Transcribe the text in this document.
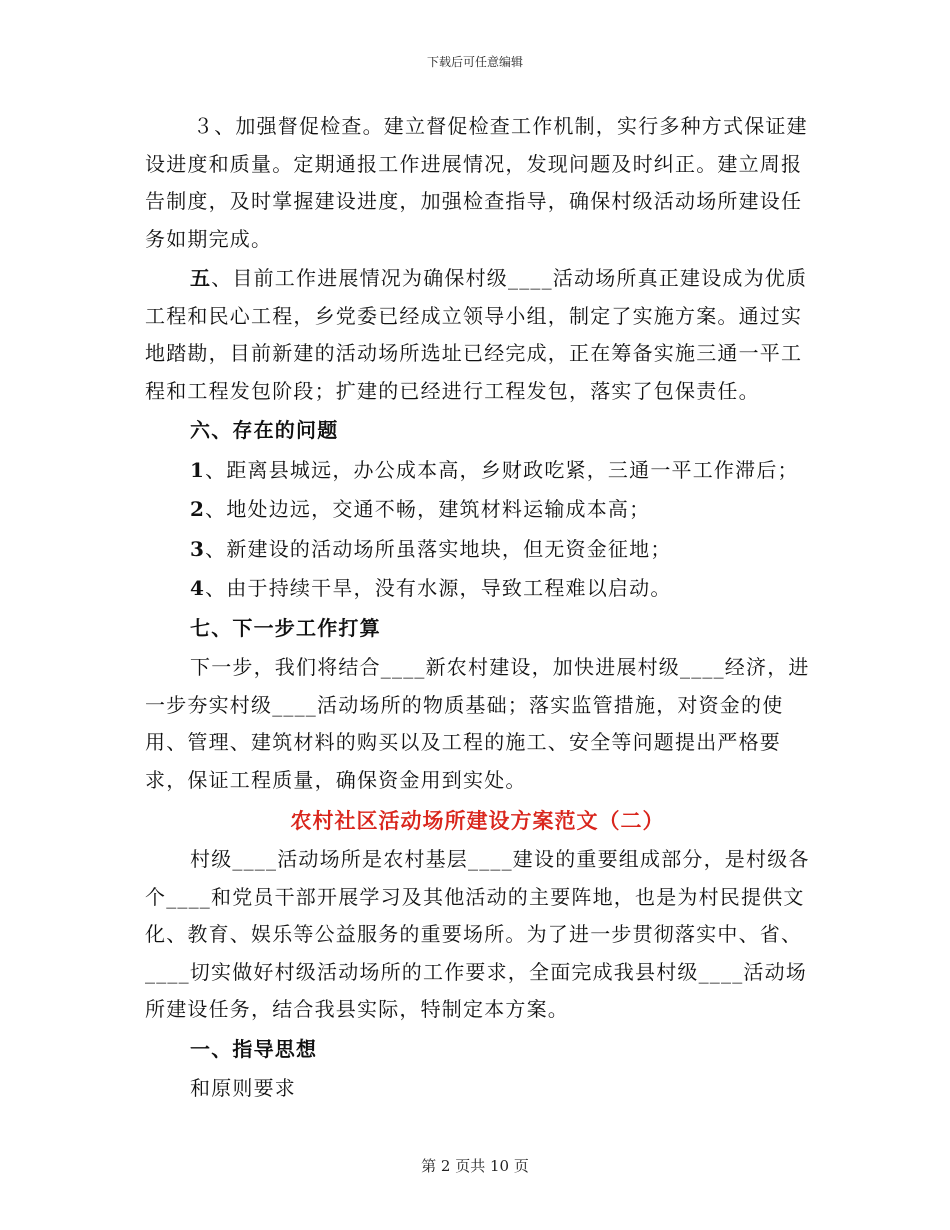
下载后可任意编辑

３、加强督促检查。建立督促检查工作机制，实行多种方式保证建设进度和质量。定期通报工作进展情况，发现问题及时纠正。建立周报告制度，及时掌握建设进度，加强检查指导，确保村级活动场所建设任务如期完成。

五、目前工作进展情况为确保村级____活动场所真正建设成为优质工程和民心工程，乡党委已经成立领导小组，制定了实施方案。通过实地踏勘，目前新建的活动场所选址已经完成，正在筹备实施三通一平工程和工程发包阶段；扩建的已经进行工程发包，落实了包保责任。

六、存在的问题

1、距离县城远，办公成本高，乡财政吃紧，三通一平工作滞后；

2、地处边远，交通不畅，建筑材料运输成本高；

3、新建设的活动场所虽落实地块，但无资金征地；

4、由于持续干旱，没有水源，导致工程难以启动。

七、下一步工作打算

下一步，我们将结合____新农村建设，加快进展村级____经济，进一步夯实村级____活动场所的物质基础；落实监管措施，对资金的使用、管理、建筑材料的购买以及工程的施工、安全等问题提出严格要求，保证工程质量，确保资金用到实处。

农村社区活动场所建设方案范文（二）

村级____活动场所是农村基层____建设的重要组成部分，是村级各个____和党员干部开展学习及其他活动的主要阵地，也是为村民提供文化、教育、娱乐等公益服务的重要场所。为了进一步贯彻落实中、省、____切实做好村级活动场所的工作要求，全面完成我县村级____活动场所建设任务，结合我县实际，特制定本方案。

一、指导思想

和原则要求

第 2 页共 10 页
